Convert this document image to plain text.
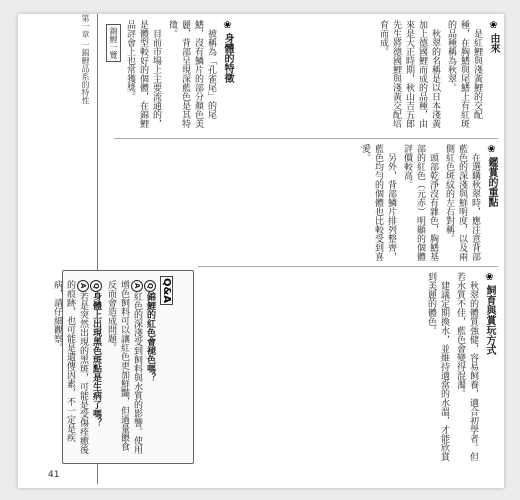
第一章 一錦鯉品系的特性	錦鯉一覽
❀由來
是紅鯉與淺黃鯉的交配種，在胸鰭與尾鰭上有紅斑的品種稱為秋翠。
秋翠的名稱是以日本淺黃加上德國鯉而成的品種，由來是大正時期，秋山吉五郎先生將德國鯉與淺黃交配培育而成。
❀身體的特徵
被稱為「孔雀尾」的尾鰭，沒有鱗片的部分顏色美麗，背部呈現深藍色是其特徵。
目前市場上主要流通的，是體型較好的個體，在錦鯉品評會上也常獲獎。
❀鑑賞的重點
在選購秋翠時，應注意背部藍色的深淺與鮮明度，以及兩側紅色斑紋的左右對稱。
頭部乾淨沒有雜色，胸鰭基部的紅色（元赤）明顯的個體評價較高。
另外，背部鱗片排列整齊，藍色均勻的個體也比較受到喜愛。
❀飼育與賞玩方式
秋翠的體質強健，容易飼養，適合初學者。但若水質不佳，藍色會變得混濁。
建議定期換水，並維持適當的水溫，才能欣賞到美麗的體色。
Q&A
Q錦鯉的紅色會褪色嗎？
A紅色的深淺受到飼料與水質的影響。使用增色飼料可以讓紅色更加鮮豔，但過量餵食反而會造成問題。
Q身體上出現黑色斑點是生病了嗎？
A若是突然出現的黑斑，可能是受傷痊癒後的痕跡，也可能是遺傳因素，不一定是疾病，請仔細觀察。
41
